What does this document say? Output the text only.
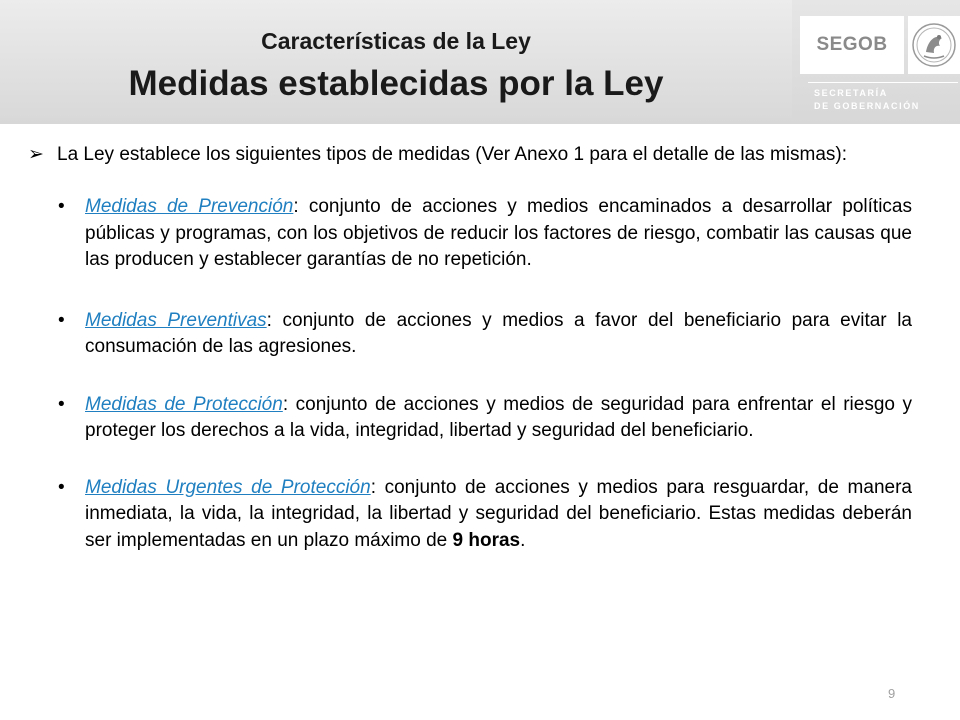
Características de la Ley
Medidas establecidas por la Ley
SEGOB
SECRETARÍA
DE GOBERNACIÓN
➢ La Ley establece los siguientes tipos de medidas (Ver Anexo 1 para el detalle de las mismas):
• Medidas de Prevención: conjunto de acciones y medios encaminados a desarrollar políticas públicas y programas, con los objetivos de reducir los factores de riesgo, combatir las causas que las producen y establecer garantías de no repetición.
• Medidas Preventivas: conjunto de acciones y medios a favor del beneficiario para evitar la consumación de las agresiones.
• Medidas de Protección: conjunto de acciones y medios de seguridad para enfrentar el riesgo y proteger los derechos a la vida, integridad, libertad y seguridad del beneficiario.
• Medidas Urgentes de Protección: conjunto de acciones y medios para resguardar, de manera inmediata, la vida, la integridad, la libertad y seguridad del beneficiario. Estas medidas deberán ser implementadas en un plazo máximo de 9 horas.
9
